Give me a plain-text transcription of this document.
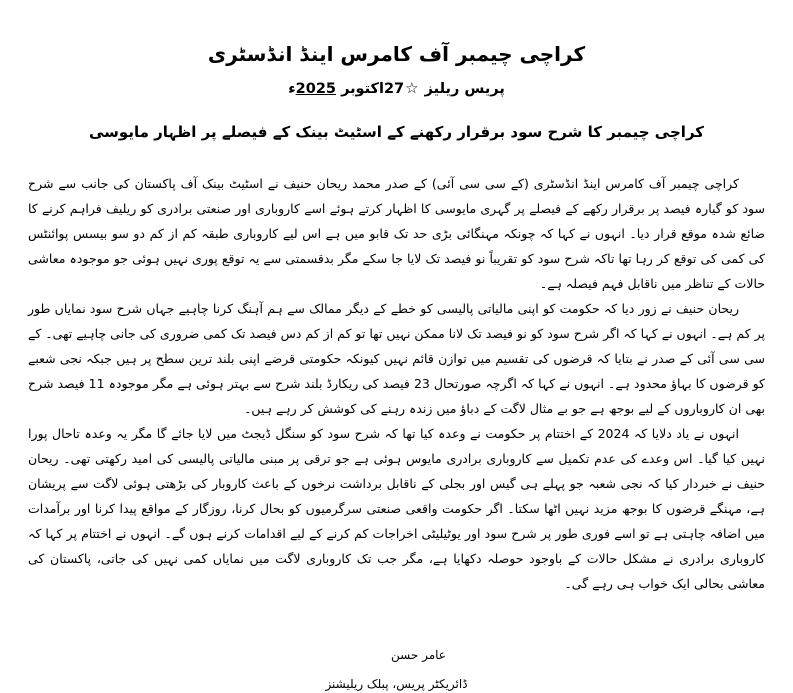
کراچی چیمبر آف کامرس اینڈ انڈسٹری
پریس ریلیز ☆27اکتوبر 2025ء
کراچی چیمبر کا شرح سود برقرار رکھنے کے اسٹیٹ بینک کے فیصلے پر اظہار مایوسی

کراچی چیمبر آف کامرس اینڈ انڈسٹری (کے سی سی آئی) کے صدر محمد ریحان حنیف نے اسٹیٹ بینک آف پاکستان کی جانب سے شرح سود کو گیارہ فیصد پر برقرار رکھے کے فیصلے پر گہری مایوسی کا اظہار کرتے ہوئے اسے کاروباری اور صنعتی برادری کو ریلیف فراہم کرنے کا ضائع شدہ موقع قرار دیا۔ انہوں نے کہا کہ چونکہ مہنگائی بڑی حد تک قابو میں ہے اس لیے کاروباری طبقہ کم از کم دو سو بیسس پوائنٹس کی کمی کی توقع کر رہا تھا تاکہ شرح سود کو تقریباً نو فیصد تک لایا جا سکے مگر بدقسمتی سے یہ توقع پوری نہیں ہوئی جو موجودہ معاشی حالات کے تناظر میں ناقابل فہم فیصلہ ہے۔

ریحان حنیف نے زور دیا کہ حکومت کو اپنی مالیاتی پالیسی کو خطے کے دیگر ممالک سے ہم آہنگ کرنا چاہیے جہاں شرح سود نمایاں طور پر کم ہے۔ انہوں نے کہا کہ اگر شرح سود کو نو فیصد تک لانا ممکن نہیں تھا تو کم از کم دس فیصد تک کمی ضروری کی جانی چاہیے تھی۔ کے سی سی آئی کے صدر نے بتایا کہ قرضوں کی تقسیم میں توازن قائم نہیں کیونکہ حکومتی قرضے اپنی بلند ترین سطح پر ہیں جبکہ نجی شعبے کو قرضوں کا بہاؤ محدود ہے۔ انہوں نے کہا کہ اگرچہ صورتحال 23 فیصد کی ریکارڈ بلند شرح سے بہتر ہوئی ہے مگر موجودہ 11 فیصد شرح بھی ان کاروباروں کے لیے بوجھ ہے جو بے مثال لاگت کے دباؤ میں زندہ رہنے کی کوشش کر رہے ہیں۔

انہوں نے یاد دلایا کہ 2024 کے اختتام پر حکومت نے وعدہ کیا تھا کہ شرح سود کو سنگل ڈیجٹ میں لایا جائے گا مگر یہ وعدہ تاحال پورا نہیں کیا گیا۔ اس وعدے کی عدم تکمیل سے کاروباری برادری مایوس ہوئی ہے جو ترقی پر مبنی مالیاتی پالیسی کی امید رکھتی تھی۔ ریحان حنیف نے خبردار کیا کہ نجی شعبہ جو پہلے ہی گیس اور بجلی کے ناقابل برداشت نرخوں کے باعث کاروبار کی بڑھتی ہوئی لاگت سے پریشان ہے، مہنگے قرضوں کا بوجھ مزید نہیں اٹھا سکتا۔ اگر حکومت واقعی صنعتی سرگرمیوں کو بحال کرنا، روزگار کے مواقع پیدا کرنا اور برآمدات میں اضافہ چاہتی ہے تو اسے فوری طور پر شرح سود اور یوٹیلیٹی اخراجات کم کرنے کے لیے اقدامات کرنے ہوں گے۔ انہوں نے اختتام پر کہا کہ کاروباری برادری نے مشکل حالات کے باوجود حوصلہ دکھایا ہے، مگر جب تک کاروباری لاگت میں نمایاں کمی نہیں کی جاتی، پاکستان کی معاشی بحالی ایک خواب ہی رہے گی۔

عامر حسن
ڈائریکٹر پریس، پبلک ریلیشنز
